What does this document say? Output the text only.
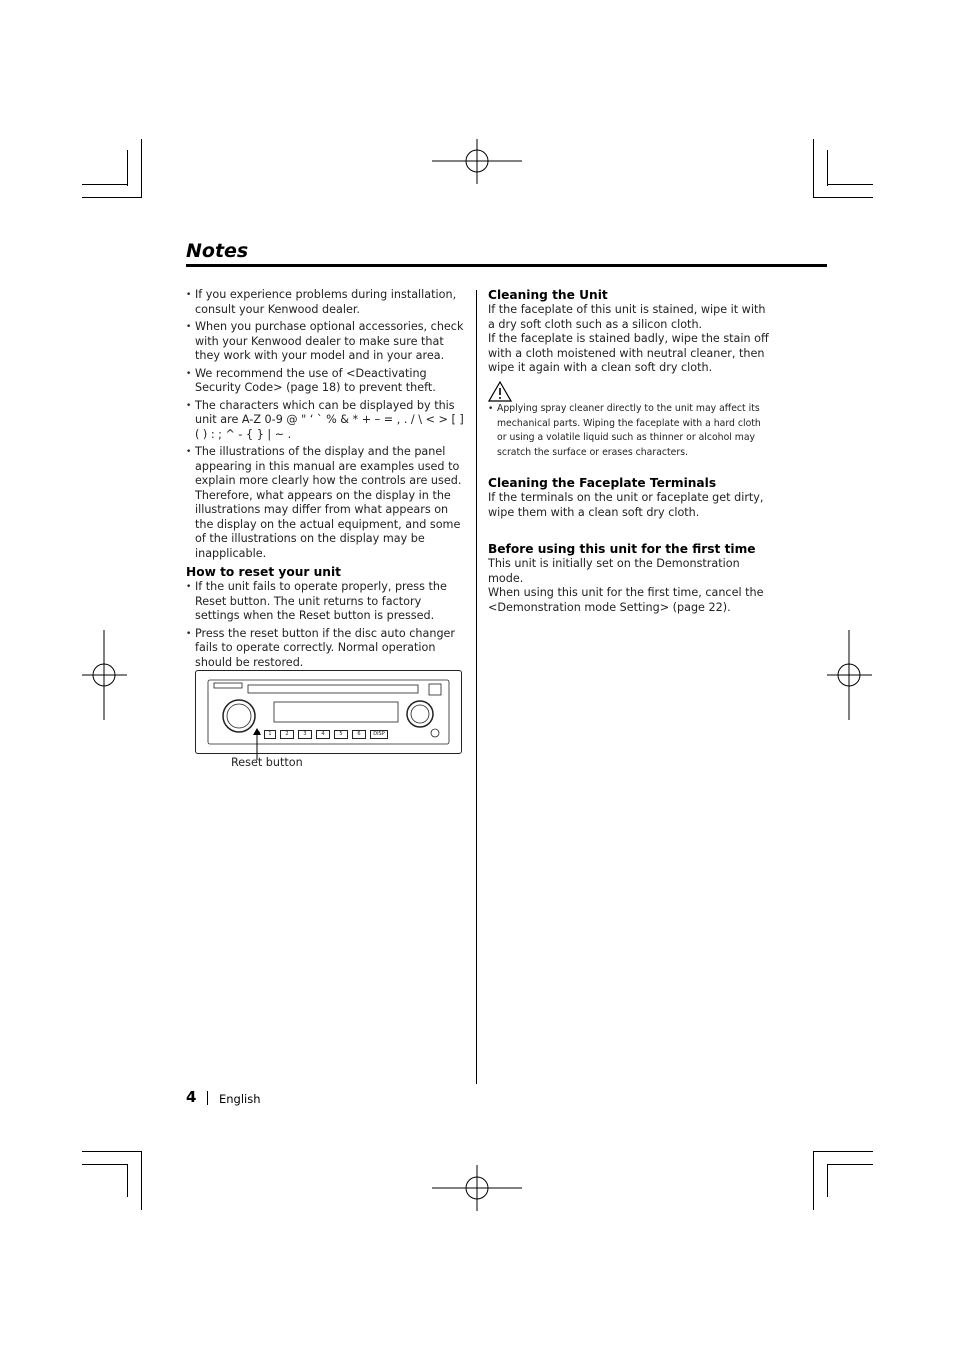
Notes
• If you experience problems during installation, consult your Kenwood dealer.
• When you purchase optional accessories, check with your Kenwood dealer to make sure that they work with your model and in your area.
• We recommend the use of <Deactivating Security Code> (page 18) to prevent theft.
• The characters which can be displayed by this unit are A-Z 0-9 @ " ‘ ` % & * + – = , . / \ < > [ ] ( ) : ; ^ - { } | ~ .
• The illustrations of the display and the panel appearing in this manual are examples used to explain more clearly how the controls are used. Therefore, what appears on the display in the illustrations may differ from what appears on the display on the actual equipment, and some of the illustrations on the display may be inapplicable.
How to reset your unit
• If the unit fails to operate properly, press the Reset button. The unit returns to factory settings when the Reset button is pressed.
• Press the reset button if the disc auto changer fails to operate correctly. Normal operation should be restored.
1	2	3	4	5	6	DISP
Reset button
Cleaning the Unit

If the faceplate of this unit is stained, wipe it with a dry soft cloth such as a silicon cloth.
If the faceplate is stained badly, wipe the stain off with a cloth moistened with neutral cleaner, then wipe it again with a clean soft dry cloth.

• Applying spray cleaner directly to the unit may affect its mechanical parts. Wiping the faceplate with a hard cloth or using a volatile liquid such as thinner or alcohol may scratch the surface or erases characters.
Cleaning the Faceplate Terminals

If the terminals on the unit or faceplate get dirty, wipe them with a clean soft dry cloth.

Before using this unit for the first time

This unit is initially set on the Demonstration mode.
When using this unit for the first time, cancel the <Demonstration mode Setting> (page 22).

4 English
